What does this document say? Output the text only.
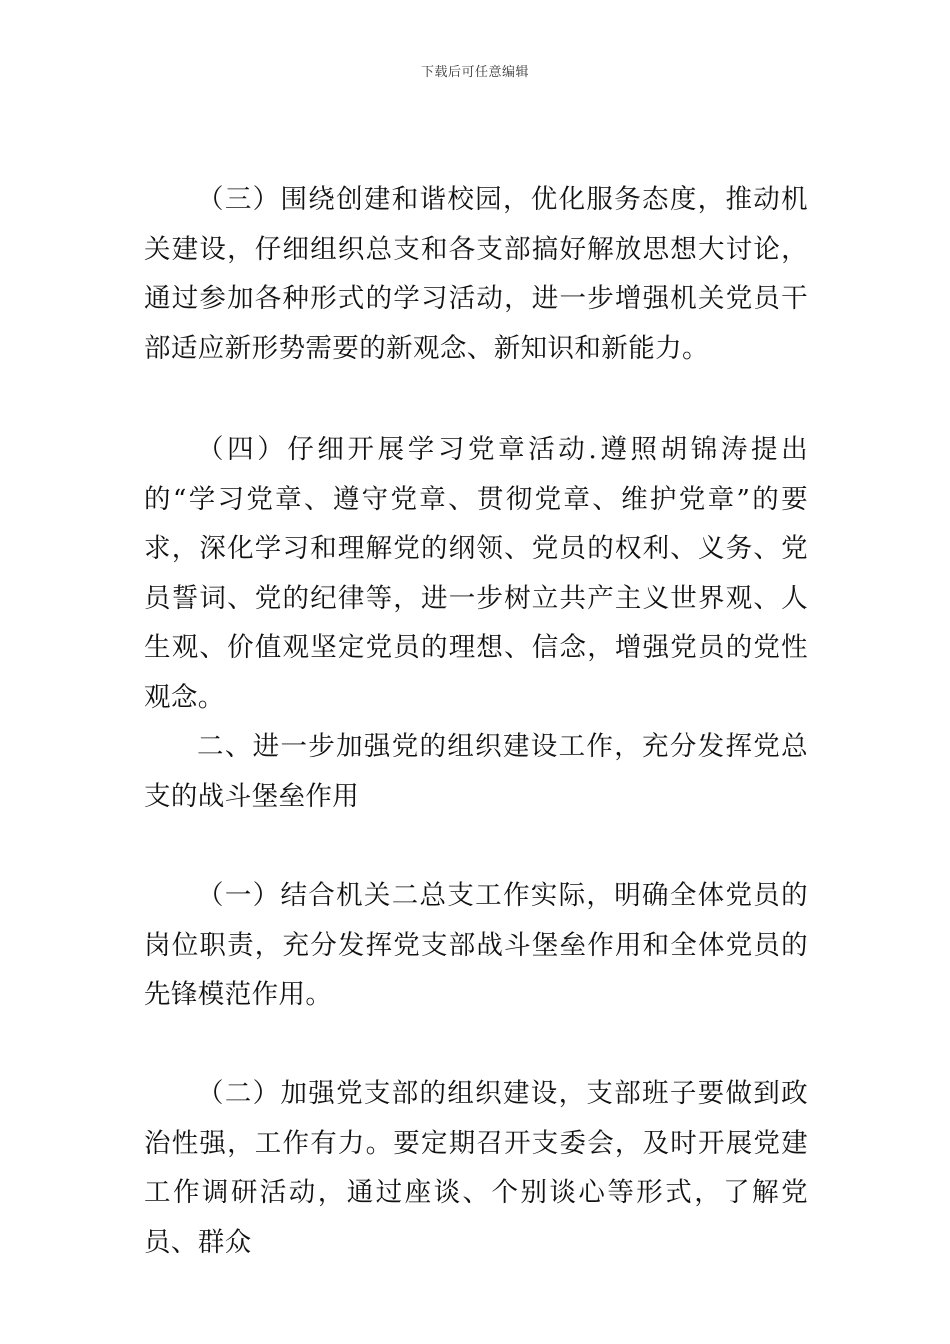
下载后可任意编辑

（三）围绕创建和谐校园，优化服务态度，推动机关建设，仔细组织总支和各支部搞好解放思想大讨论，通过参加各种形式的学习活动，进一步增强机关党员干部适应新形势需要的新观念、新知识和新能力。

（四）仔细开展学习党章活动.遵照胡锦涛提出的“学习党章、遵守党章、贯彻党章、维护党章”的要求，深化学习和理解党的纲领、党员的权利、义务、党员誓词、党的纪律等，进一步树立共产主义世界观、人生观、价值观坚定党员的理想、信念，增强党员的党性观念。

二、进一步加强党的组织建设工作，充分发挥党总支的战斗堡垒作用

（一）结合机关二总支工作实际，明确全体党员的岗位职责，充分发挥党支部战斗堡垒作用和全体党员的先锋模范作用。

（二）加强党支部的组织建设，支部班子要做到政治性强，工作有力。要定期召开支委会，及时开展党建工作调研活动，通过座谈、个别谈心等形式，了解党员、群众
